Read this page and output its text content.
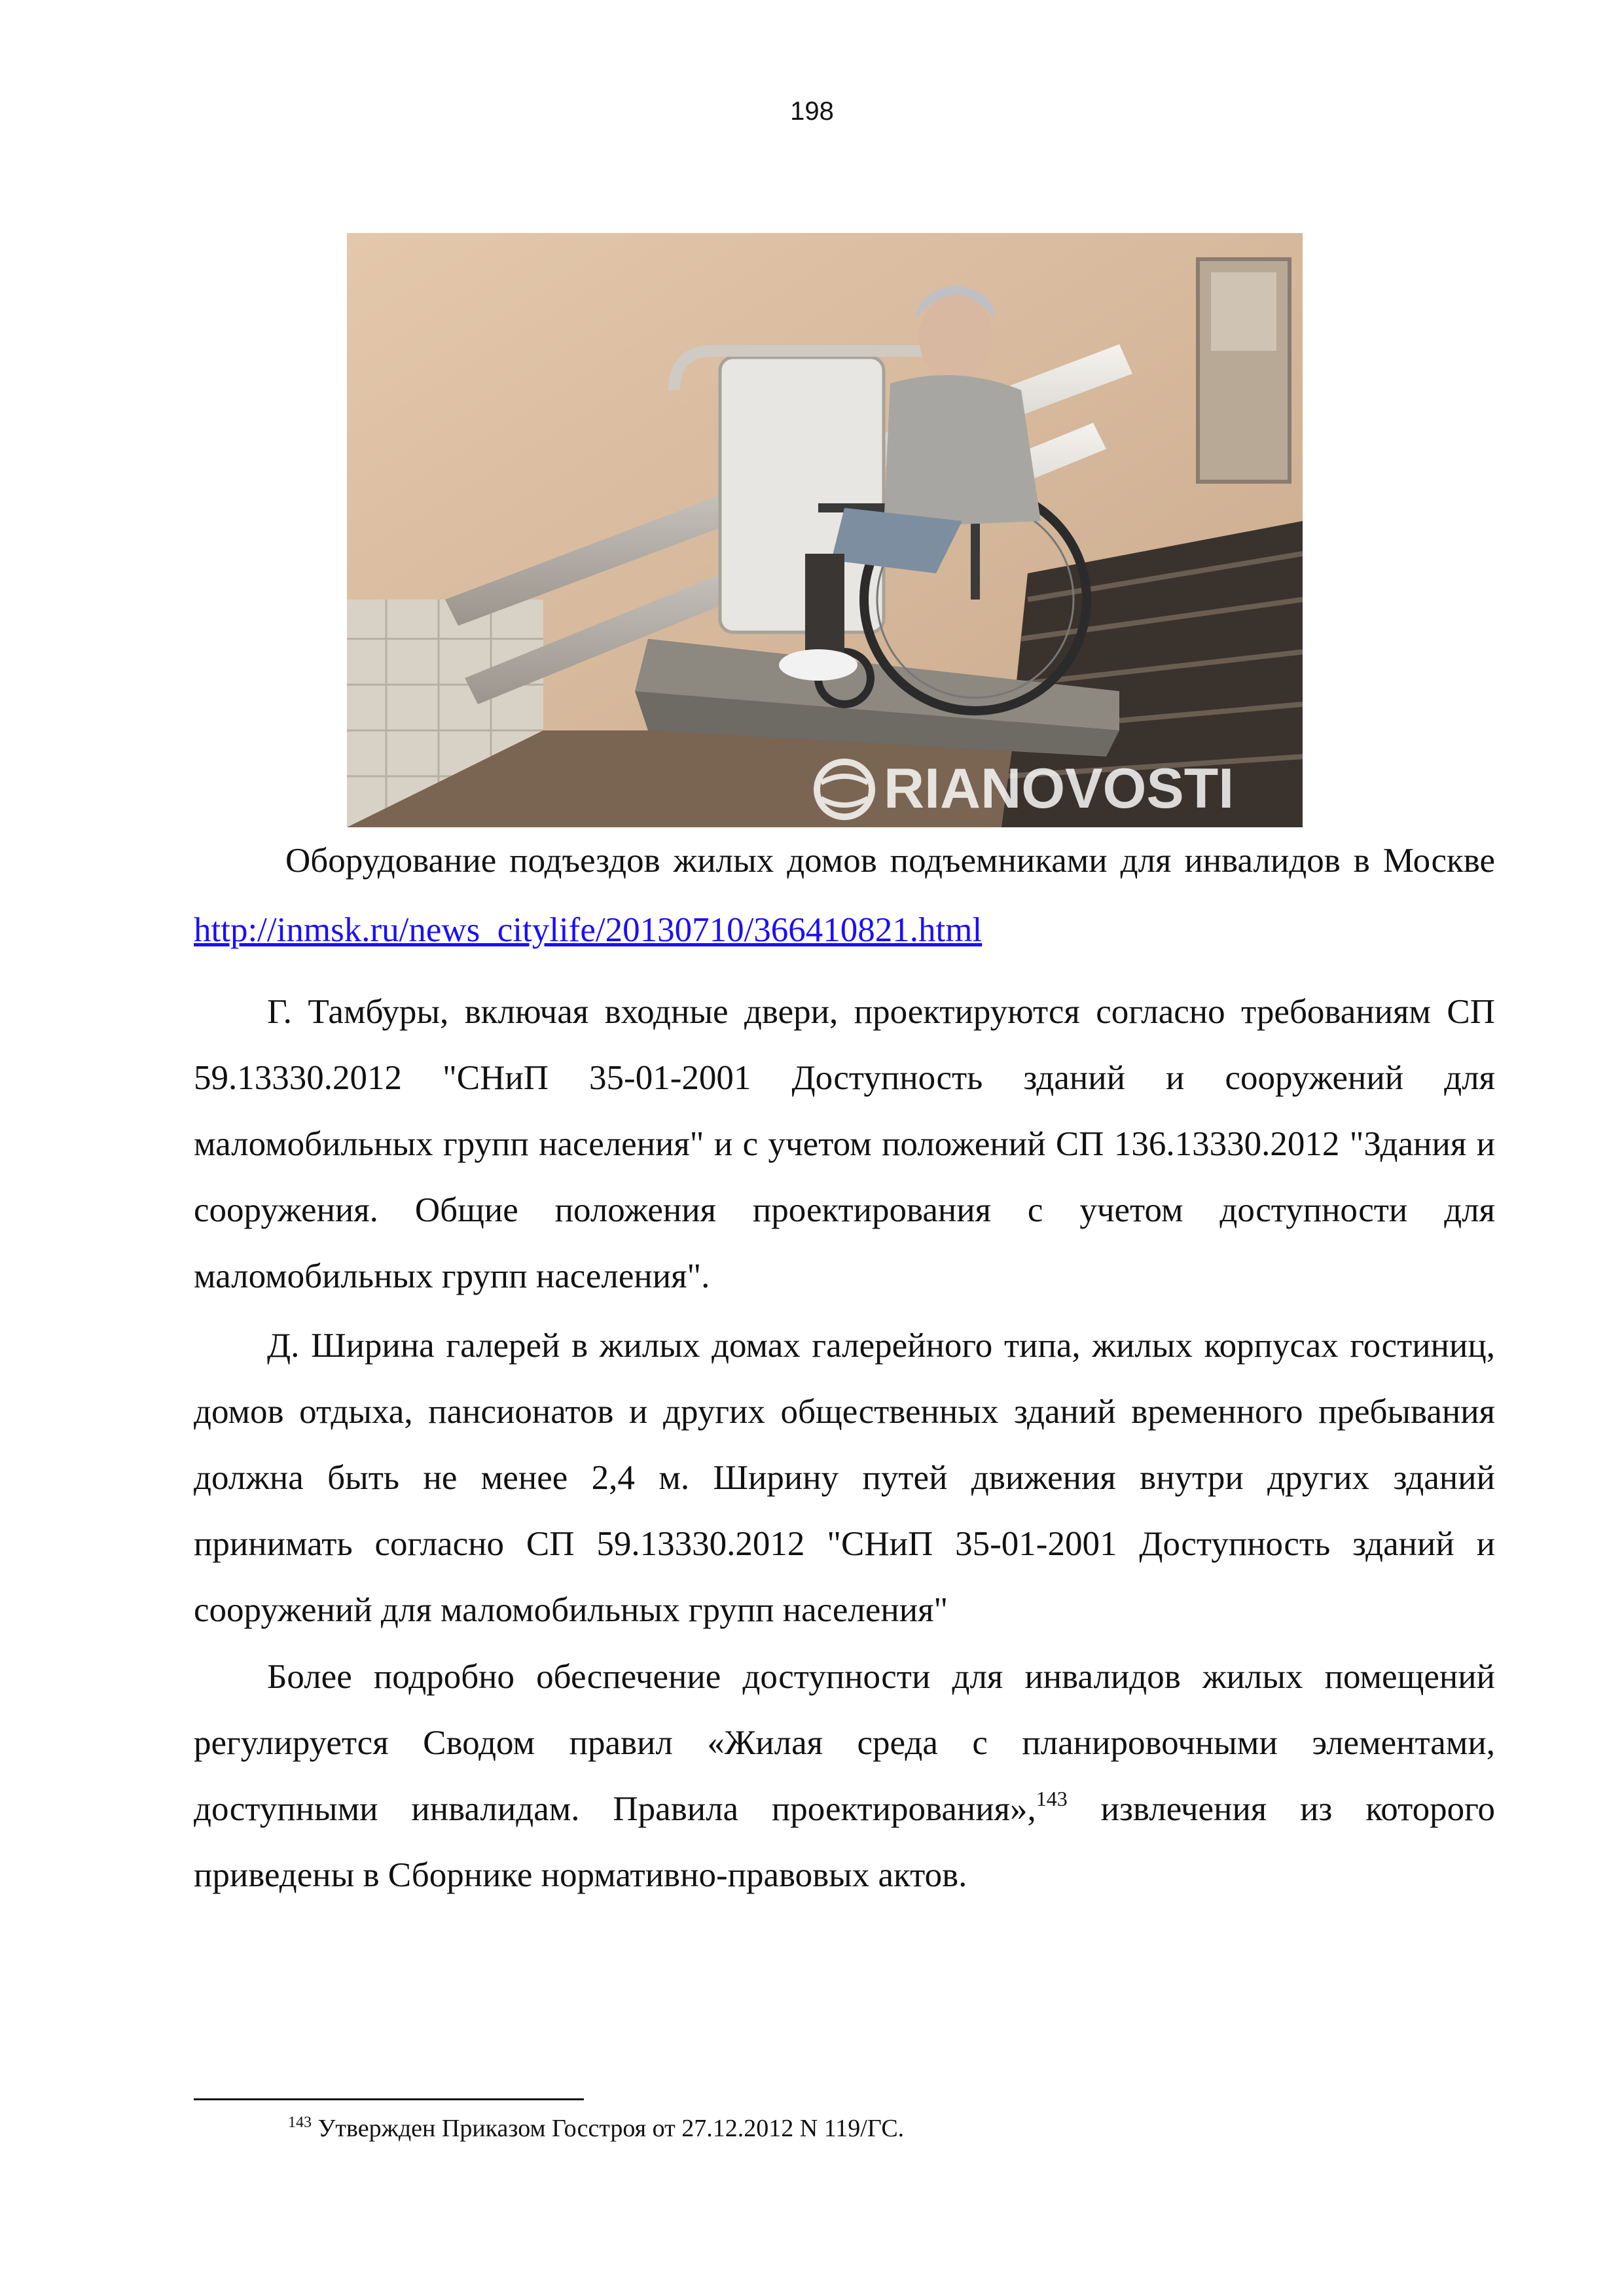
198
RIANOVOSTI
Оборудование подъездов жилых домов подъемниками для инвалидов в Москве http://inmsk.ru/news_citylife/20130710/366410821.html

Г. Тамбуры, включая входные двери, проектируются согласно требованиям СП 59.13330.2012 "СНиП 35-01-2001 Доступность зданий и сооружений для маломобильных групп населения" и с учетом положений СП 136.13330.2012 "Здания и сооружения. Общие положения проектирования с учетом доступности для маломобильных групп населения".

Д. Ширина галерей в жилых домах галерейного типа, жилых корпусах гостиниц, домов отдыха, пансионатов и других общественных зданий временного пребывания должна быть не менее 2,4 м. Ширину путей движения внутри других зданий принимать согласно СП 59.13330.2012 "СНиП 35-01-2001 Доступность зданий и сооружений для маломобильных групп населения"

Более подробно обеспечение доступности для инвалидов жилых помещений регулируется Сводом правил «Жилая среда с планировочными элементами, доступными инвалидам. Правила проектирования»,$^{143}$ извлечения из которого приведены в Сборнике нормативно-правовых актов.

$^{143}$ Утвержден Приказом Госстроя от 27.12.2012 N 119/ГС.
